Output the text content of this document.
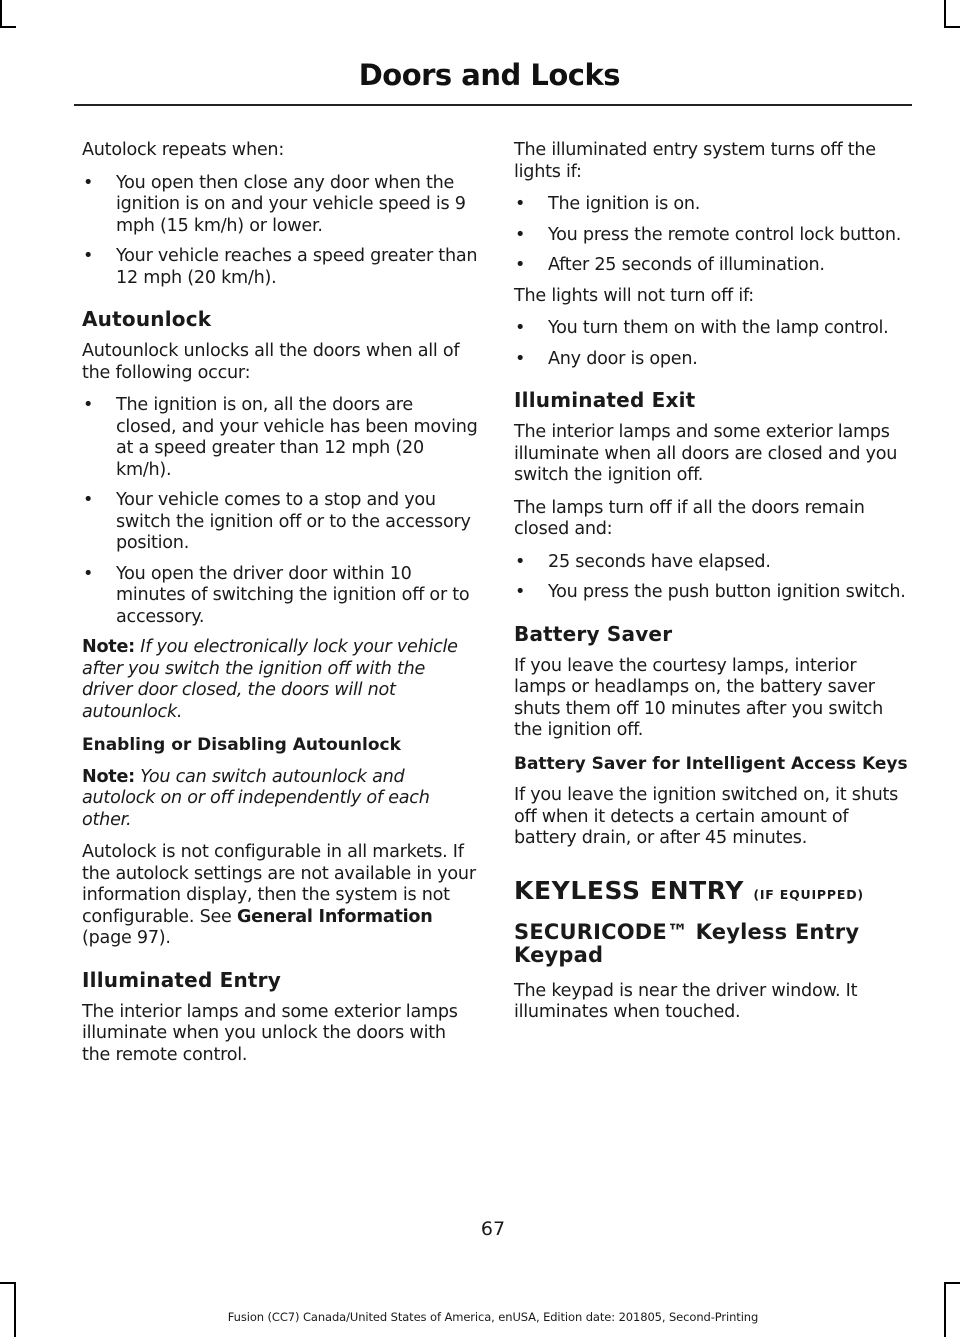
Doors and Locks

Autolock repeats when:

• You open then close any door when the ignition is on and your vehicle speed is 9 mph (15 km/h) or lower.
• Your vehicle reaches a speed greater than 12 mph (20 km/h).
Autounlock

Autounlock unlocks all the doors when all of the following occur:

• The ignition is on, all the doors are closed, and your vehicle has been moving at a speed greater than 12 mph (20 km/h).
• Your vehicle comes to a stop and you switch the ignition off or to the accessory position.
• You open the driver door within 10 minutes of switching the ignition off or to accessory.

Note: If you electronically lock your vehicle after you switch the ignition off with the driver door closed, the doors will not autounlock.

Enabling or Disabling Autounlock

Note: You can switch autounlock and autolock on or off independently of each other.

Autolock is not configurable in all markets. If the autolock settings are not available in your information display, then the system is not configurable. See General Information (page 97).

Illuminated Entry

The interior lamps and some exterior lamps illuminate when you unlock the doors with the remote control.

The illuminated entry system turns off the lights if:

• The ignition is on.
• You press the remote control lock button.
• After 25 seconds of illumination.

The lights will not turn off if:

• You turn them on with the lamp control.
• Any door is open.
Illuminated Exit

The interior lamps and some exterior lamps illuminate when all doors are closed and you switch the ignition off.

The lamps turn off if all the doors remain closed and:

• 25 seconds have elapsed.
• You press the push button ignition switch.
Battery Saver

If you leave the courtesy lamps, interior lamps or headlamps on, the battery saver shuts them off 10 minutes after you switch the ignition off.

Battery Saver for Intelligent Access Keys

If you leave the ignition switched on, it shuts off when it detects a certain amount of battery drain, or after 45 minutes.

KEYLESS ENTRY (IF EQUIPPED)
SECURICODE™ Keyless Entry Keypad

The keypad is near the driver window. It illuminates when touched.

67
Fusion (CC7) Canada/United States of America, enUSA, Edition date: 201805, Second-Printing
